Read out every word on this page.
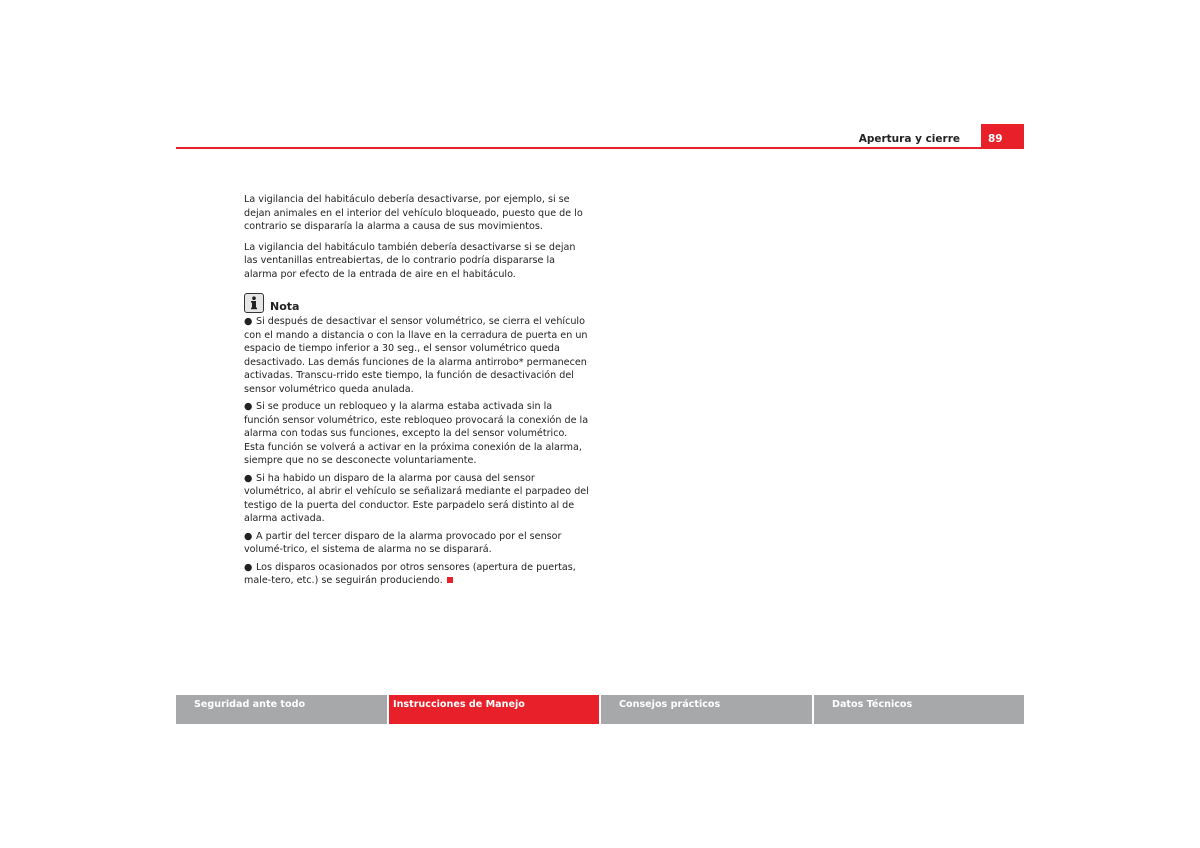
Apertura y cierre	89

La vigilancia del habitáculo debería desactivarse, por ejemplo, si se dejan animales en el interior del vehículo bloqueado, puesto que de lo contrario se dispararía la alarma a causa de sus movimientos.

La vigilancia del habitáculo también debería desactivarse si se dejan las ventanillas entreabiertas, de lo contrario podría dispararse la alarma por efecto de la entrada de aire en el habitáculo.

Nota
● Si después de desactivar el sensor volumétrico, se cierra el vehículo con el mando a distancia o con la llave en la cerradura de puerta en un espacio de tiempo inferior a 30 seg., el sensor volumétrico queda desactivado. Las demás funciones de la alarma antirrobo* permanecen activadas. Transcu-rrido este tiempo, la función de desactivación del sensor volumétrico queda anulada.
● Si se produce un rebloqueo y la alarma estaba activada sin la función sensor volumétrico, este rebloqueo provocará la conexión de la alarma con todas sus funciones, excepto la del sensor volumétrico. Esta función se volverá a activar en la próxima conexión de la alarma, siempre que no se desconecte voluntariamente.
● Si ha habido un disparo de la alarma por causa del sensor volumétrico, al abrir el vehículo se señalizará mediante el parpadeo del testigo de la puerta del conductor. Este parpadelo será distinto al de alarma activada.
● A partir del tercer disparo de la alarma provocado por el sensor volumé-trico, el sistema de alarma no se disparará.
● Los disparos ocasionados por otros sensores (apertura de puertas, male-tero, etc.) se seguirán produciendo.
Seguridad ante todo	Instrucciones de Manejo	Consejos prácticos	Datos Técnicos
